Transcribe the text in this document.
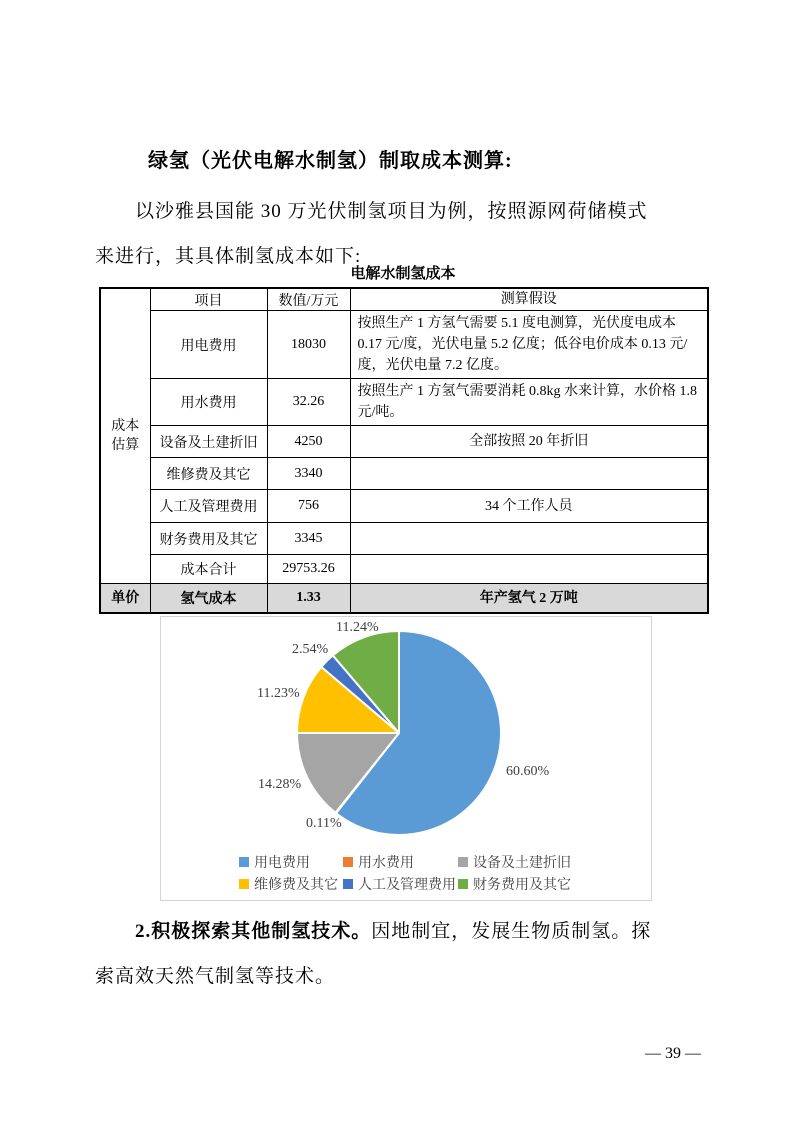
绿氢（光伏电解水制氢）制取成本测算:
以沙雅县国能 30 万光伏制氢项目为例，按照源网荷储模式
来进行，其具体制氢成本如下:
电解水制氢成本
成本估算	项目	数值/万元	测算假设
	用电费用	18030	按照生产 1 方氢气需要 5.1 度电测算，光伏度电成本 0.17 元/度，光伏电量 5.2 亿度；低谷电价成本 0.13 元/度，光伏电量 7.2 亿度。
	用水费用	32.26	按照生产 1 方氢气需要消耗 0.8kg 水来计算，水价格 1.8 元/吨。
	设备及土建折旧	4250	全部按照 20 年折旧
	维修费及其它	3340	
	人工及管理费用	756	34 个工作人员
	财务费用及其它	3345	
	成本合计	29753.26	
单价	氢气成本	1.33	年产氢气 2 万吨
60.60%
0.11%
14.28%
11.23%
2.54%
11.24%
用电费用	用水费用	设备及土建折旧
维修费及其它 人工及管理费用 财务费用及其它
2.积极探索其他制氢技术。因地制宜，发展生物质制氢。探
索高效天然气制氢等技术。
— 39 —
